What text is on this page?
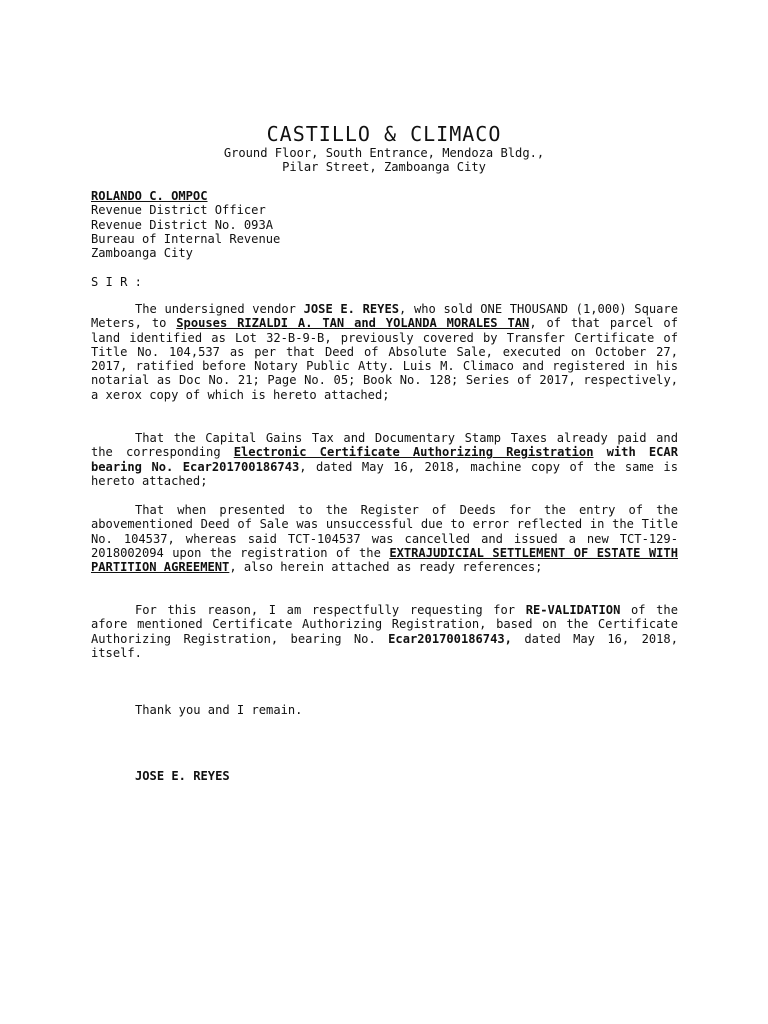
CASTILLO & CLIMACO
Ground Floor, South Entrance, Mendoza Bldg.,
Pilar Street, Zamboanga City
ROLANDO C. OMPOC
Revenue District Officer
Revenue District No. 093A
Bureau of Internal Revenue
Zamboanga City
S I R :
The undersigned vendor JOSE E. REYES, who sold ONE THOUSAND (1,000) Square Meters, to Spouses RIZALDI A. TAN and YOLANDA MORALES TAN, of that parcel of land identified as Lot 32-B-9-B, previously covered by Transfer Certificate of Title No. 104,537 as per that Deed of Absolute Sale, executed on October 27, 2017, ratified before Notary Public Atty. Luis M. Climaco and registered in his notarial as Doc No. 21; Page No. 05; Book No. 128; Series of 2017, respectively, a xerox copy of which is hereto attached;
That the Capital Gains Tax and Documentary Stamp Taxes already paid and the corresponding Electronic Certificate Authorizing Registration with ECAR bearing No. Ecar201700186743, dated May 16, 2018, machine copy of the same is hereto attached;
That when presented to the Register of Deeds for the entry of the abovementioned Deed of Sale was unsuccessful due to error reflected in the Title No. 104537, whereas said TCT-104537 was cancelled and issued a new TCT-129-2018002094 upon the registration of the EXTRAJUDICIAL SETTLEMENT OF ESTATE WITH PARTITION AGREEMENT, also herein attached as ready references;
For this reason, I am respectfully requesting for RE-VALIDATION of the afore mentioned Certificate Authorizing Registration, based on the Certificate Authorizing Registration, bearing No. Ecar201700186743, dated May 16, 2018, itself.
Thank you and I remain.
JOSE E. REYES
